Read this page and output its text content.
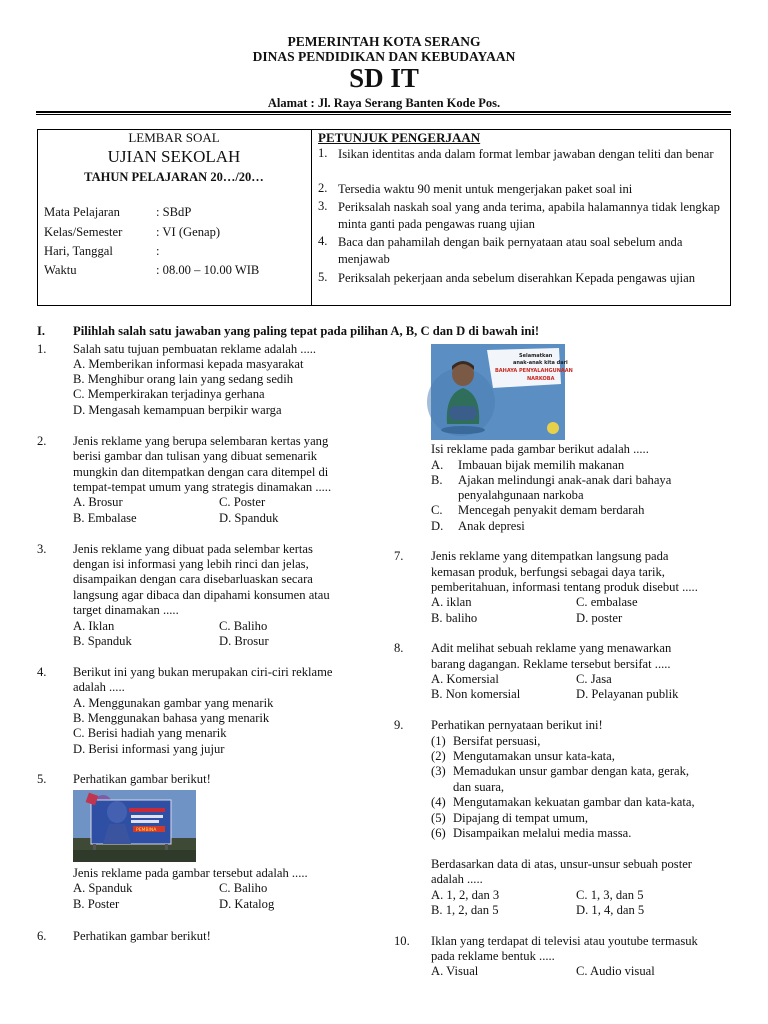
PEMERINTAH KOTA SERANG
DINAS PENDIDIKAN DAN KEBUDAYAAN
SD IT
Alamat : Jl. Raya Serang Banten Kode Pos.
LEMBAR SOAL
UJIAN SEKOLAH
TAHUN PELAJARAN 20…/20…
Mata Pelajaran	: SBdP
Kelas/Semester	: VI (Genap)
Hari, Tanggal	:
Waktu	: 08.00 – 10.00 WIB
PETUNJUK PENGERJAAN
1. Isikan identitas anda dalam format lembar jawaban dengan teliti dan benar
2. Tersedia waktu 90 menit untuk mengerjakan paket soal ini
3. Periksalah naskah soal yang anda terima, apabila halamannya tidak lengkap minta ganti pada pengawas ruang ujian
4. Baca dan pahamilah dengan baik pernyataan atau soal sebelum anda menjawab
5. Periksalah pekerjaan anda sebelum diserahkan Kepada pengawas ujian
I. Pilihlah salah satu jawaban yang paling tepat pada pilihan A, B, C dan D di bawah ini!
1. Salah satu tujuan pembuatan reklame adalah .....
A. Memberikan informasi kepada masyarakat
B. Menghibur orang lain yang sedang sedih
C. Memperkirakan terjadinya gerhana
D. Mengasah kemampuan berpikir warga
2. Jenis reklame yang berupa selembaran kertas yang
berisi gambar dan tulisan yang dibuat semenarik
mungkin dan ditempatkan dengan cara ditempel di
tempat-tempat umum yang strategis dinamakan .....
A. Brosur	C. Poster
B. Embalase	D. Spanduk
3. Jenis reklame yang dibuat pada selembar kertas
dengan isi informasi yang lebih rinci dan jelas,
disampaikan dengan cara disebarluaskan secara
langsung agar dibaca dan dipahami konsumen atau
target dinamakan .....
A. Iklan	C. Baliho
B. Spanduk	D. Brosur
4. Berikut ini yang bukan merupakan ciri-ciri reklame
adalah .....
A. Menggunakan gambar yang menarik
B. Menggunakan bahasa yang menarik
C. Berisi hadiah yang menarik
D. Berisi informasi yang jujur
5. Perhatikan gambar berikut!
PEMBINA
Jenis reklame pada gambar tersebut adalah .....
A. Spanduk	C. Baliho
B. Poster	D. Katalog
6. Perhatikan gambar berikut!
Selamatkan
anak-anak kita dari
BAHAYA PENYALAHGUNAAN
NARKOBA
Isi reklame pada gambar berikut adalah .....
A. Imbauan bijak memilih makanan
B. Ajakan melindungi anak-anak dari bahaya
penyalahgunaan narkoba
C. Mencegah penyakit demam berdarah
D. Anak depresi
7. Jenis reklame yang ditempatkan langsung pada
kemasan produk, berfungsi sebagai daya tarik,
pemberitahuan, informasi tentang produk disebut .....
A. iklan	C. embalase
B. baliho	D. poster
8. Adit melihat sebuah reklame yang menawarkan
barang dagangan. Reklame tersebut bersifat .....
A. Komersial	C. Jasa
B. Non komersial	D. Pelayanan publik
9. Perhatikan pernyataan berikut ini!
(1) Bersifat persuasi,
(2) Mengutamakan unsur kata-kata,
(3) Memadukan unsur gambar dengan kata, gerak,
dan suara,
(4) Mengutamakan kekuatan gambar dan kata-kata,
(5) Dipajang di tempat umum,
(6) Disampaikan melalui media massa.
Berdasarkan data di atas, unsur-unsur sebuah poster
adalah .....
A. 1, 2, dan 3	C. 1, 3, dan 5
B. 1, 2, dan 5	D. 1, 4, dan 5
10. Iklan yang terdapat di televisi atau youtube termasuk
pada reklame bentuk .....
A. Visual	C. Audio visual
